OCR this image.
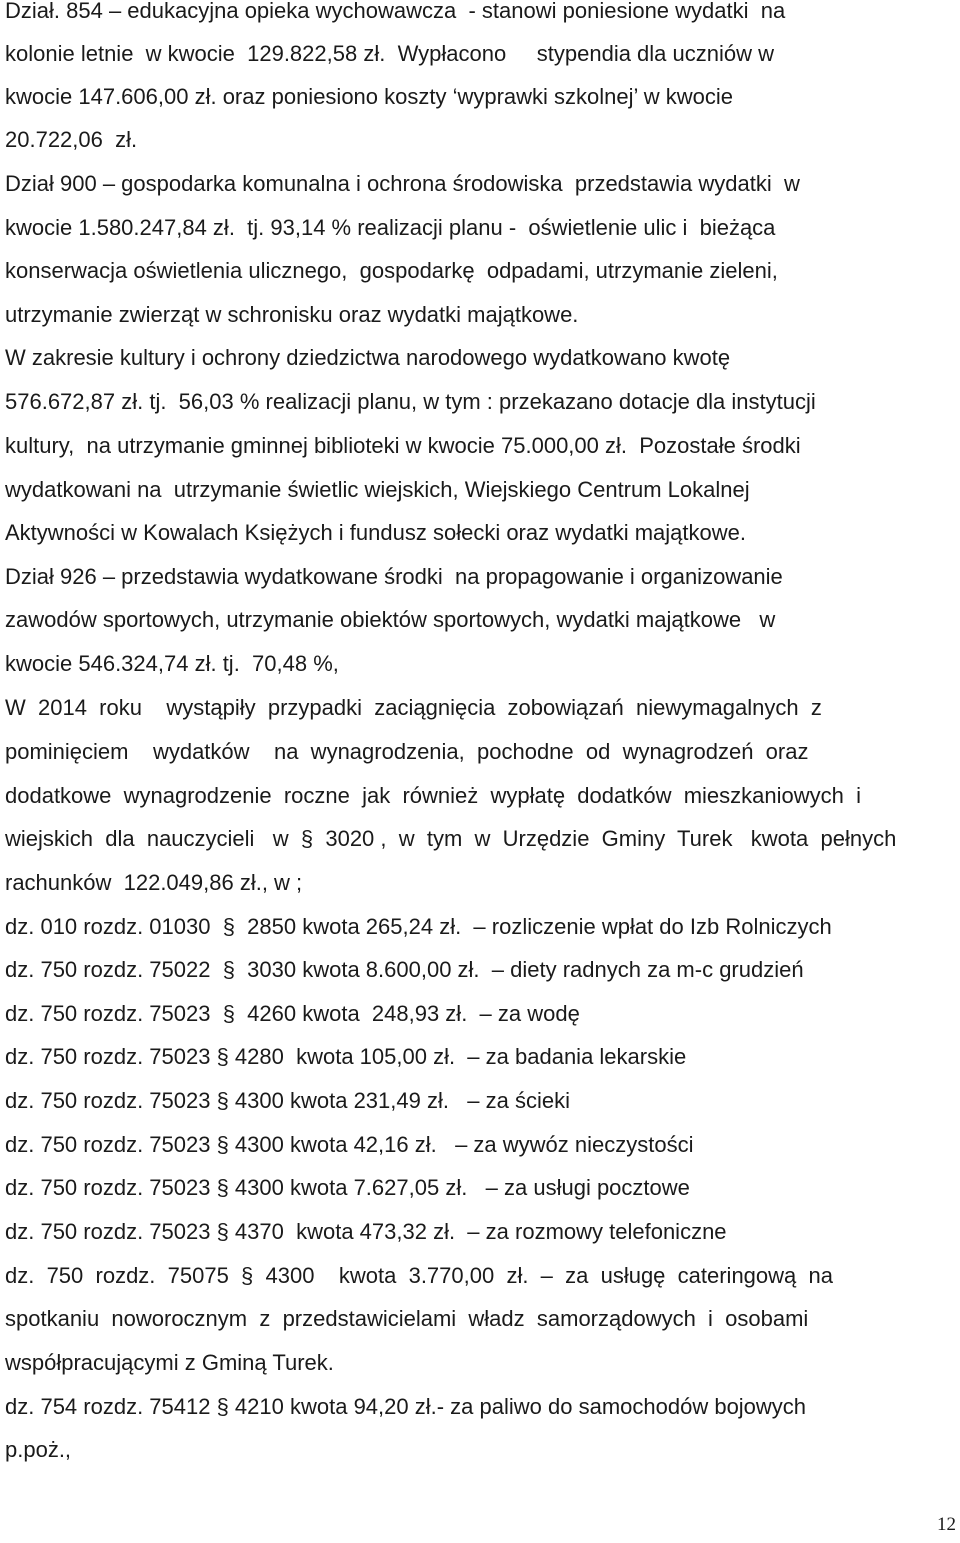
Dział. 854 – edukacyjna opieka wychowawcza  - stanowi poniesione wydatki  na
kolonie letnie  w kwocie  129.822,58 zł.  Wypłacono     stypendia dla uczniów w
kwocie 147.606,00 zł. oraz poniesiono koszty ‘wyprawki szkolnej’ w kwocie
20.722,06  zł.
Dział 900 – gospodarka komunalna i ochrona środowiska  przedstawia wydatki  w
kwocie 1.580.247,84 zł.  tj. 93,14 % realizacji planu -  oświetlenie ulic i  bieżąca
konserwacja oświetlenia ulicznego,  gospodarkę  odpadami, utrzymanie zieleni,
utrzymanie zwierząt w schronisku oraz wydatki majątkowe.
W zakresie kultury i ochrony dziedzictwa narodowego wydatkowano kwotę
576.672,87 zł. tj.  56,03 % realizacji planu, w tym : przekazano dotacje dla instytucji
kultury,  na utrzymanie gminnej biblioteki w kwocie 75.000,00 zł.  Pozostałe środki
wydatkowani na  utrzymanie świetlic wiejskich, Wiejskiego Centrum Lokalnej
Aktywności w Kowalach Księżych i fundusz sołecki oraz wydatki majątkowe.
Dział 926 – przedstawia wydatkowane środki  na propagowanie i organizowanie
zawodów sportowych, utrzymanie obiektów sportowych, wydatki majątkowe   w
kwocie 546.324,74 zł. tj.  70,48 %,
W  2014  roku    wystąpiły  przypadki  zaciągnięcia  zobowiązań  niewymagalnych  z
pominięciem    wydatków    na  wynagrodzenia,  pochodne  od  wynagrodzeń  oraz
dodatkowe  wynagrodzenie  roczne  jak  również  wypłatę  dodatków  mieszkaniowych  i
wiejskich  dla  nauczycieli   w  §  3020 ,  w  tym  w  Urzędzie  Gminy  Turek   kwota  pełnych
rachunków  122.049,86 zł., w ;
dz. 010 rozdz. 01030  §  2850 kwota 265,24 zł.  – rozliczenie wpłat do Izb Rolniczych
dz. 750 rozdz. 75022  §  3030 kwota 8.600,00 zł.  – diety radnych za m-c grudzień
dz. 750 rozdz. 75023  §  4260 kwota  248,93 zł.  – za wodę
dz. 750 rozdz. 75023 § 4280  kwota 105,00 zł.  – za badania lekarskie
dz. 750 rozdz. 75023 § 4300 kwota 231,49 zł.   – za ścieki
dz. 750 rozdz. 75023 § 4300 kwota 42,16 zł.   – za wywóz nieczystości
dz. 750 rozdz. 75023 § 4300 kwota 7.627,05 zł.   – za usługi pocztowe
dz. 750 rozdz. 75023 § 4370  kwota 473,32 zł.  – za rozmowy telefoniczne
dz.  750  rozdz.  75075  §  4300    kwota  3.770,00  zł.  –  za  usługę  cateringową  na
spotkaniu  noworocznym  z  przedstawicielami  władz  samorządowych  i  osobami
współpracującymi z Gminą Turek.
dz. 754 rozdz. 75412 § 4210 kwota 94,20 zł.- za paliwo do samochodów bojowych
p.poż.,
12
